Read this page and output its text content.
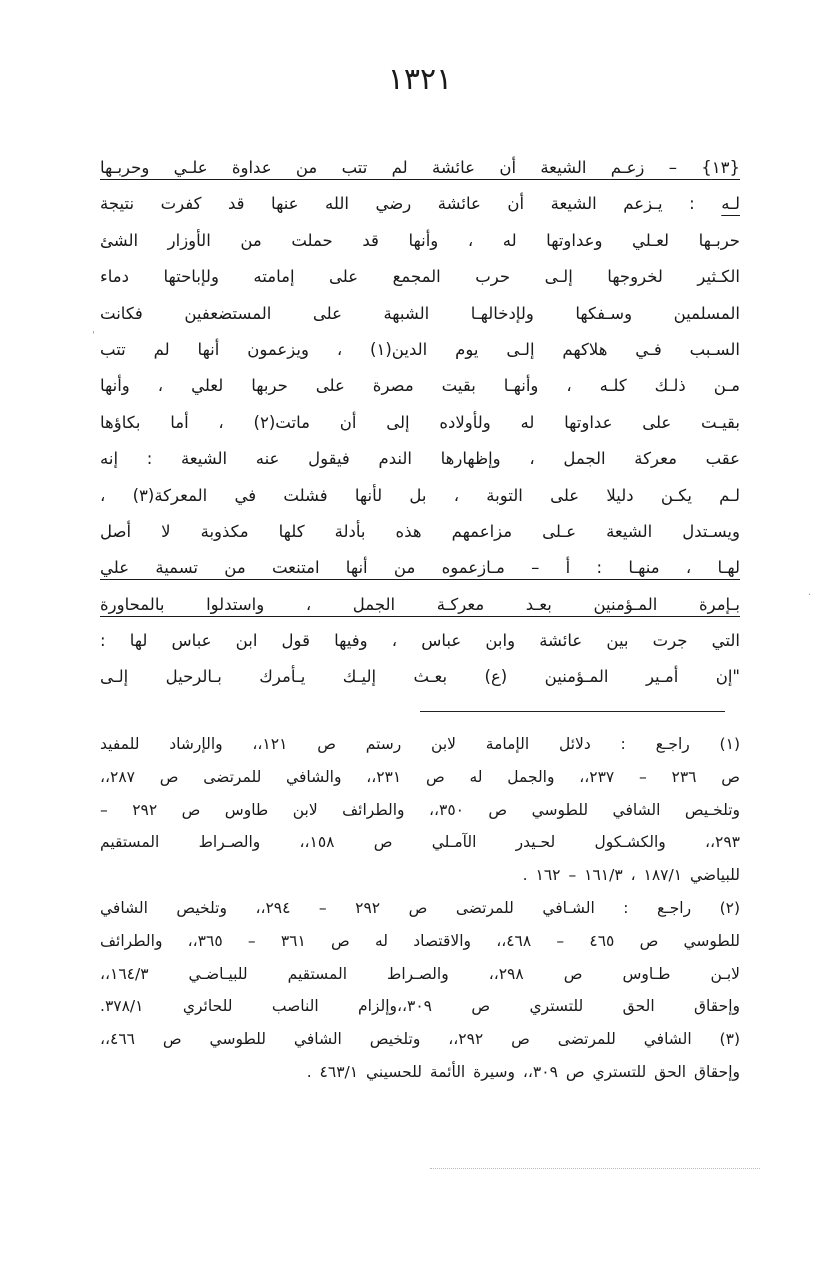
١٣٢١
{١٣} – زعـم الشيعة أن عائشة لم تتب من عداوة علـي وحربـها
لـه : يـزعم الشيعة أن عائشة رضي الله عنها قد كفرت نتيجة
حربـها لعـلي وعداوتها له ، وأنها قد حملت من الأوزار الشئ
الكـثير لخروجها إلـى حرب المجمع على إمامته ولإباحتها دماء
المسلمين وسـفكها ولإدخالهـا الشبهة على المستضعفين فكانت
السـبب فـي هلاكهم إلـى يوم الدين(١) ، ويزعمون أنها لم تتب
مـن ذلـك كلـه ، وأنهـا بقيت مصرة على حربها لعلي ، وأنها
بقيـت على عداوتها له ولأولاده إلى أن ماتت(٢) ، أما بكاؤها
عقب معركة الجمل ، وإظهارها الندم فيقول عنه الشيعة : إنه
لـم يكـن دليلا على التوبة ، بل لأنها فشلت في المعركة(٣) ،
ويسـتدل الشيعة عـلى مزاعمهم هذه بأدلة كلها مكذوبة لا أصل
لهـا ، منهـا : أ – مـازعموه من أنها امتنعت من تسمية علي
بـإمرة المـؤمنين بعـد معركـة الجمل ، واستدلوا بالمحاورة
التي جرت بين عائشة وابن عباس ، وفيها قول ابن عباس لها :
"إن أمـير المـؤمنين (ع) بعـث إليـك يـأمرك بـالرحيل إلـى
(١) راجـع : دلائل الإمامة لابن رستم ص ١٢١،، والإرشاد للمفيد
ص ٢٣٦ – ٢٣٧،، والجمل له ص ٢٣١،، والشافي للمرتضى ص ٢٨٧،،
وتلخـيص الشافي للطوسي ص ٣٥٠،، والطرائف لابن طاوس ص ٢٩٢ –
٢٩٣،، والكشـكول لحـيدر الآمـلي ص ١٥٨،، والصـراط المستقيم
للبياضي ١٨٧/١ ، ١٦١/٣ – ١٦٢ .
(٢) راجـع : الشـافي للمرتضى ص ٢٩٢ – ٢٩٤،، وتلخيص الشافي
للطوسي ص ٤٦٥ – ٤٦٨،، والاقتصاد له ص ٣٦١ – ٣٦٥،، والطرائف
لابـن طـاوس ص ٢٩٨،، والصـراط المستقيم للبيـاضـي ١٦٤/٣،،
وإحقاق الحق للتستري ص ٣٠٩،،وإلزام الناصب للحائري ٣٧٨/١.
(٣) الشافي للمرتضى ص ٢٩٢،، وتلخيص الشافي للطوسي ص ٤٦٦،،
وإحقاق الحق للتستري ص ٣٠٩،، وسيرة الأئمة للحسيني ٤٦٣/١ .
'
·
